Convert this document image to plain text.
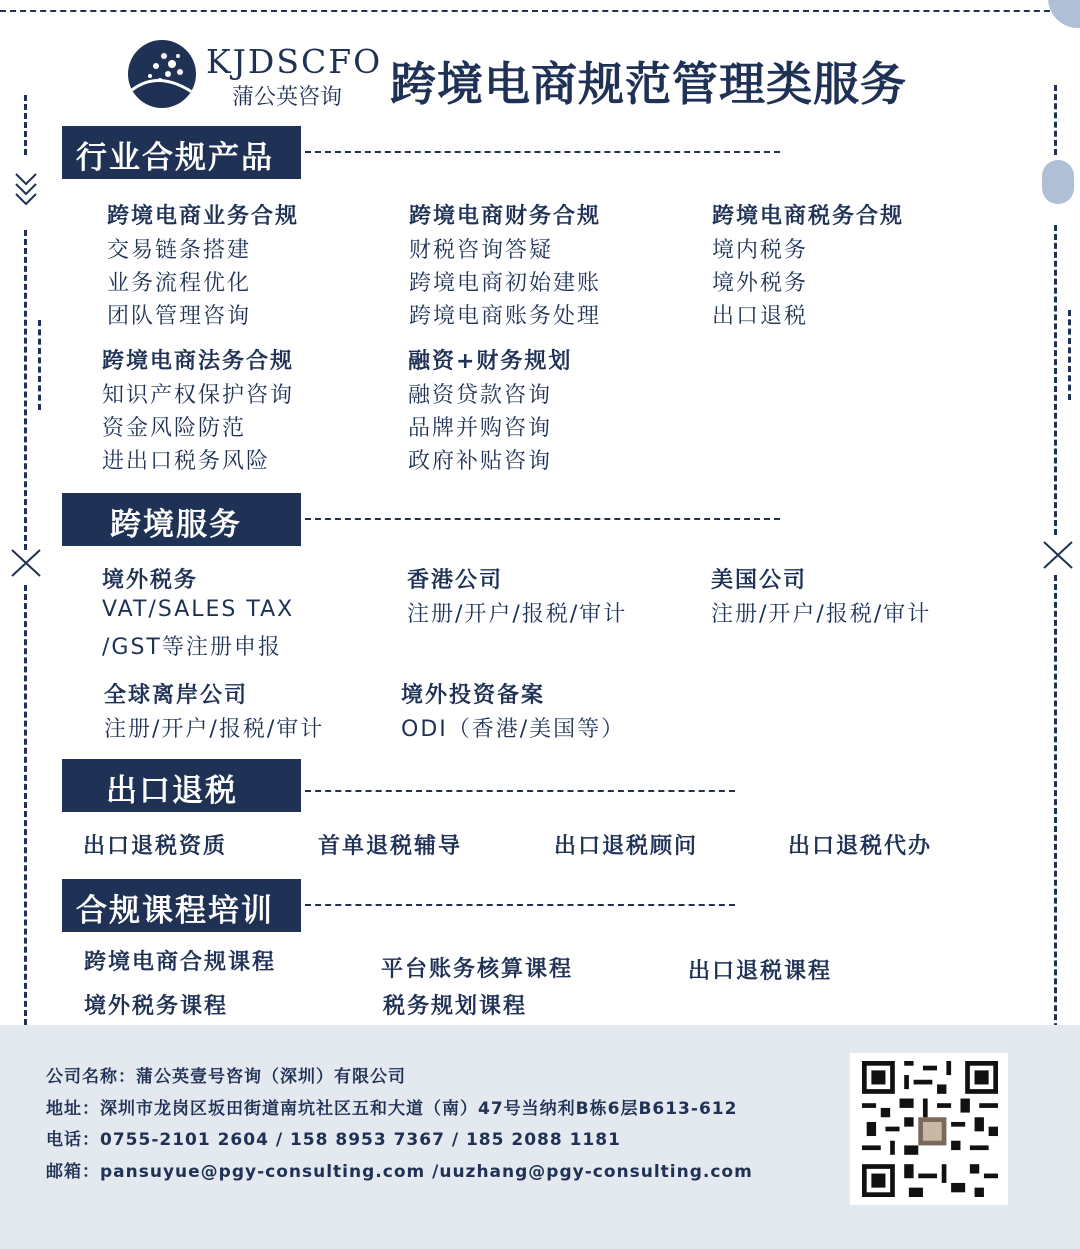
KJDSCFO
蒲公英咨询 跨境电商规范管理类服务
行业合规产品
跨境电商业务合规
交易链条搭建
业务流程优化
团队管理咨询
跨境电商财务合规
财税咨询答疑
跨境电商初始建账
跨境电商账务处理
跨境电商税务合规
境内税务
境外税务
出口退税
跨境电商法务合规
知识产权保护咨询
资金风险防范
进出口税务风险
融资+财务规划
融资贷款咨询
品牌并购咨询
政府补贴咨询
跨境服务
境外税务
VAT/SALES TAX
/GST等注册申报
香港公司
注册/开户/报税/审计
美国公司
注册/开户/报税/审计
全球离岸公司
注册/开户/报税/审计
境外投资备案
ODI（香港/美国等）
出口退税
出口退税资质	首单退税辅导	出口退税顾问	出口退税代办
合规课程培训
跨境电商合规课程	平台账务核算课程	出口退税课程
境外税务课程	税务规划课程
公司名称：蒲公英壹号咨询（深圳）有限公司
地址：深圳市龙岗区坂田街道南坑社区五和大道（南）47号当纳利B栋6层B613-612
电话：0755-2101 2604 / 158 8953 7367 / 185 2088 1181
邮箱：pansuyue@pgy-consulting.com /uuzhang@pgy-consulting.com
